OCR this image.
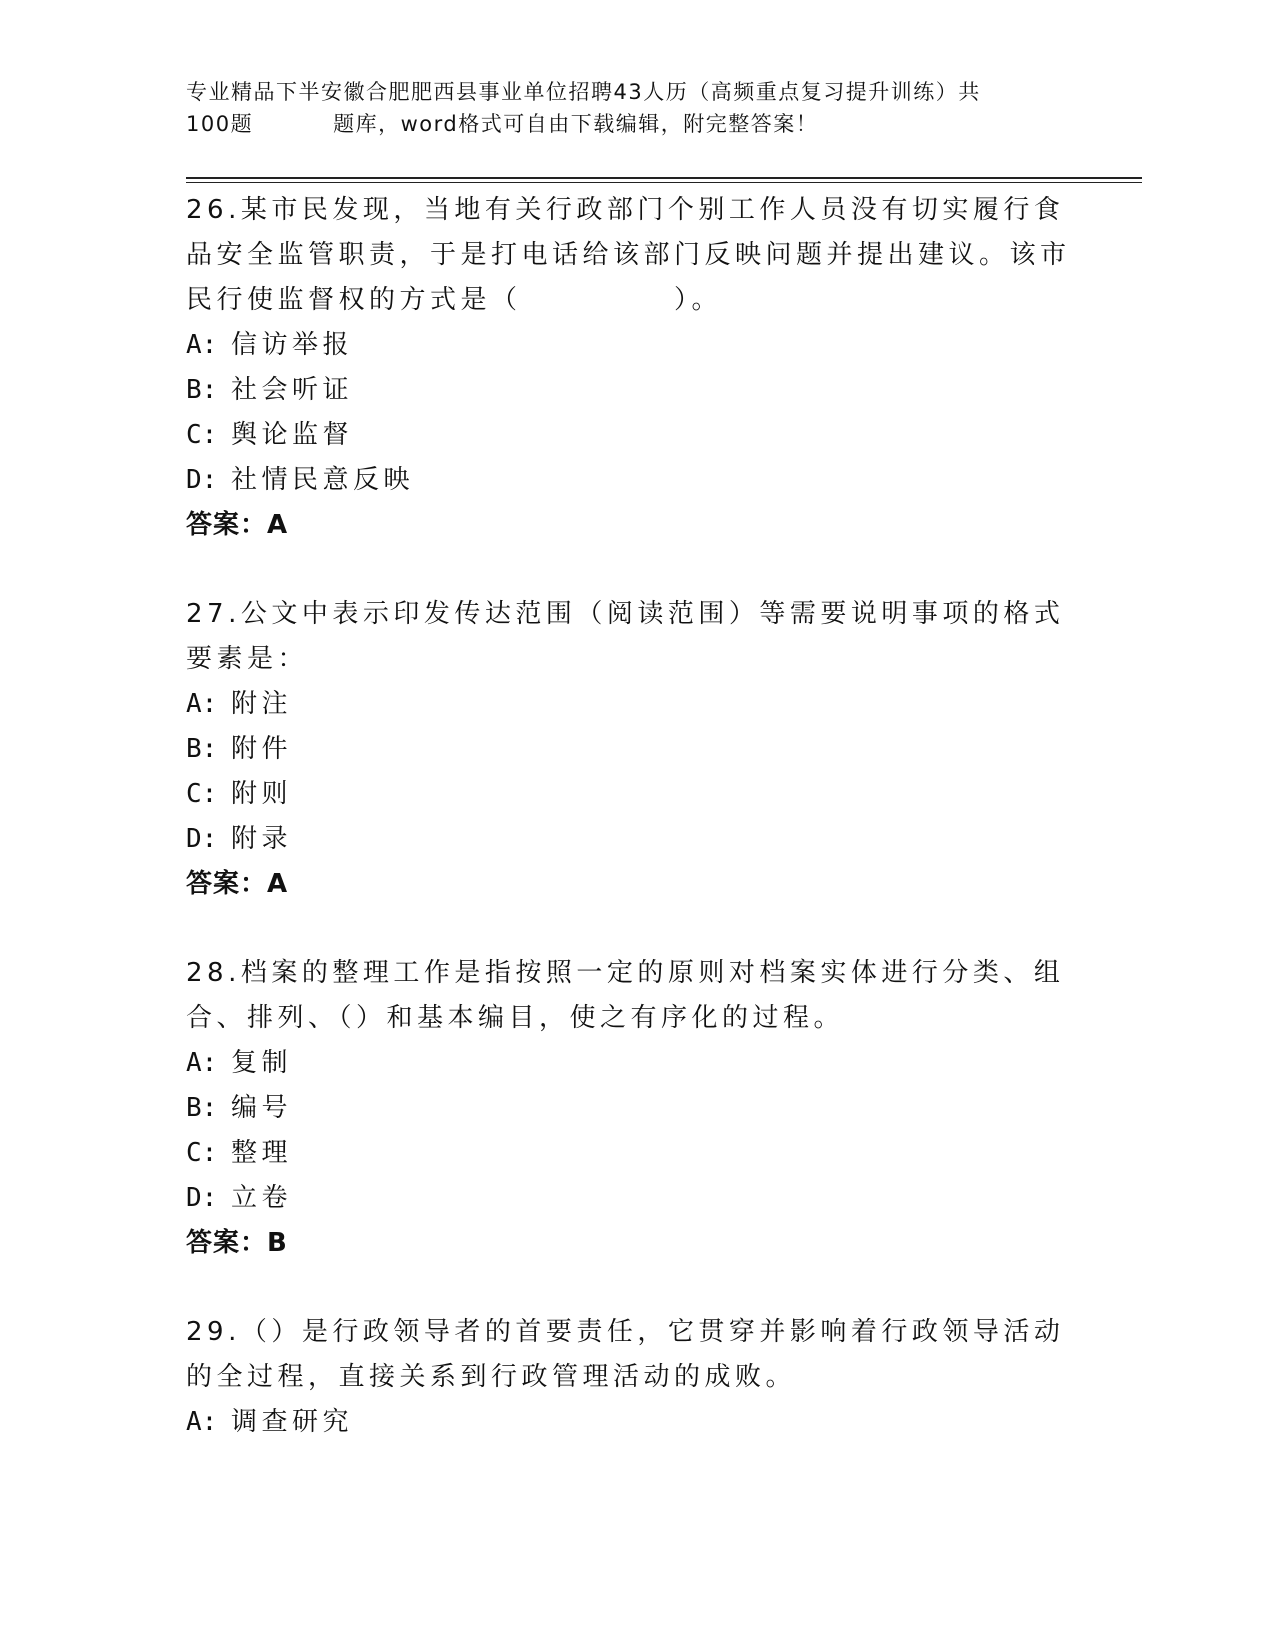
专业精品下半安徽合肥肥西县事业单位招聘43人历（高频重点复习提升训练）共
100题	题库，word格式可自由下载编辑，附完整答案！
26.某市民发现，当地有关行政部门个别工作人员没有切实履行食品安全监管职责，于是打电话给该部门反映问题并提出建议。该市民行使监督权的方式是（　　　　　）。
A: 信访举报
B: 社会听证
C: 舆论监督
D: 社情民意反映
答案：A
27.公文中表示印发传达范围（阅读范围）等需要说明事项的格式要素是：
A: 附注
B: 附件
C: 附则
D: 附录
答案：A
28.档案的整理工作是指按照一定的原则对档案实体进行分类、组合、排列、（）和基本编目，使之有序化的过程。
A: 复制
B: 编号
C: 整理
D: 立卷
答案：B
29.（）是行政领导者的首要责任，它贯穿并影响着行政领导活动的全过程，直接关系到行政管理活动的成败。
A: 调查研究
